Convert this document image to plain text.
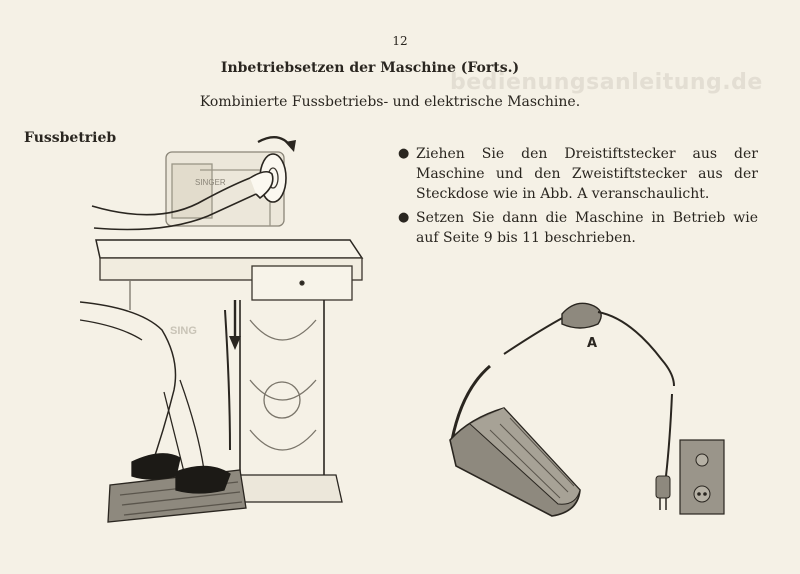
12
bedienungsanleitung.de
Inbetriebsetzen der Maschine (Forts.)
Kombinierte Fussbetriebs- und elektrische Maschine.
Fussbetrieb
● Ziehen Sie den Dreistiftstecker aus der Maschine und den Zweistiftstecker aus der Steckdose wie in Abb. A veranschaulicht.
● Setzen Sie dann die Maschine in Betrieb wie auf Seite 9 bis 11 beschrieben.
SINGER
SING
A
